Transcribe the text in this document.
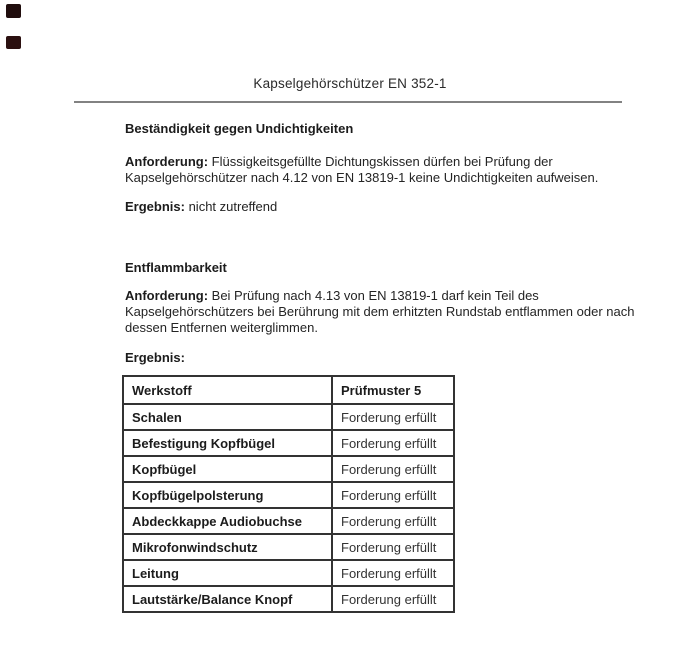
Kapselgehörschützer EN 352-1
Beständigkeit gegen Undichtigkeiten
Anforderung: Flüssigkeitsgefüllte Dichtungskissen dürfen bei Prüfung der
Kapselgehörschützer nach 4.12 von EN 13819-1 keine Undichtigkeiten aufweisen.
Ergebnis: nicht zutreffend
Entflammbarkeit
Anforderung: Bei Prüfung nach 4.13 von EN 13819-1 darf kein Teil des
Kapselgehörschützers bei Berührung mit dem erhitzten Rundstab entflammen oder nach
dessen Entfernen weiterglimmen.
Ergebnis:
Werkstoff	Prüfmuster 5
Schalen	Forderung erfüllt
Befestigung Kopfbügel	Forderung erfüllt
Kopfbügel	Forderung erfüllt
Kopfbügelpolsterung	Forderung erfüllt
Abdeckkappe Audiobuchse	Forderung erfüllt
Mikrofonwindschutz	Forderung erfüllt
Leitung	Forderung erfüllt
Lautstärke/Balance Knopf	Forderung erfüllt
